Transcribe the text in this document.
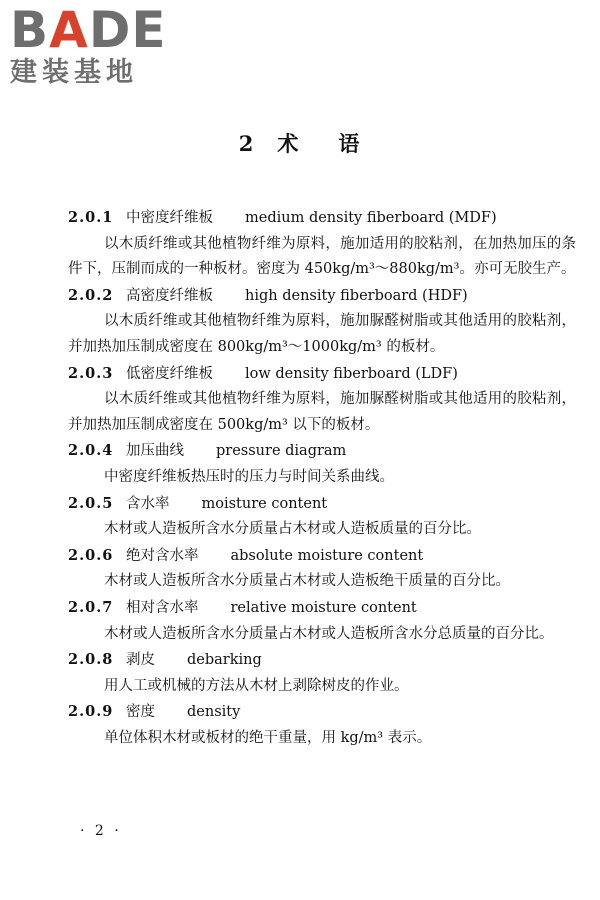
BADE
建装基地
2 术 语
2.0.1 中密度纤维板 medium density fiberboard (MDF)

以木质纤维或其他植物纤维为原料，施加适用的胶粘剂，在加热加压的条件下，压制而成的一种板材。密度为 450kg/m³～880kg/m³。亦可无胶生产。

2.0.2 高密度纤维板 high density fiberboard (HDF)

以木质纤维或其他植物纤维为原料，施加脲醛树脂或其他适用的胶粘剂，并加热加压制成密度在 800kg/m³～1000kg/m³ 的板材。

2.0.3 低密度纤维板 low density fiberboard (LDF)

以木质纤维或其他植物纤维为原料，施加脲醛树脂或其他适用的胶粘剂，并加热加压制成密度在 500kg/m³ 以下的板材。

2.0.4 加压曲线 pressure diagram

中密度纤维板热压时的压力与时间关系曲线。

2.0.5 含水率 moisture content

木材或人造板所含水分质量占木材或人造板质量的百分比。

2.0.6 绝对含水率 absolute moisture content

木材或人造板所含水分质量占木材或人造板绝干质量的百分比。

2.0.7 相对含水率 relative moisture content

木材或人造板所含水分质量占木材或人造板所含水分总质量的百分比。

2.0.8 剥皮 debarking

用人工或机械的方法从木材上剥除树皮的作业。

2.0.9 密度 density

单位体积木材或板材的绝干重量，用 kg/m³ 表示。

· 2 ·
